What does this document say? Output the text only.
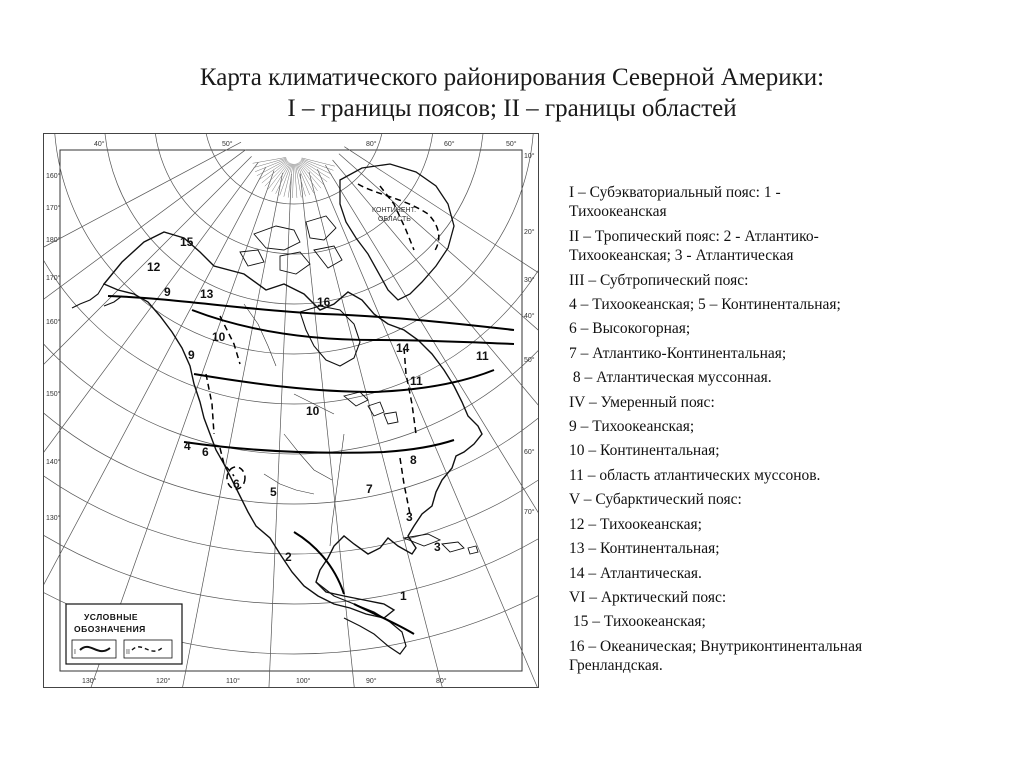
Карта климатического районирования Северной Америки:
I – границы поясов; II – границы областей
15
12
9 13
16
10
9	14
11
11
10
4 6
6
5	7
8
3
3
2
1
КОНТИНЕНТ.
ОБЛАСТЬ
40°	50°	80°	60°	50°
130°	120°	110°	100°	90°	80°
160°
170°
180°
170°
160°
150°
140°
130°
10°
20°
30°
40°
50°
60°
70°
УСЛОВНЫЕ
ОБОЗНАЧЕНИЯ
I	II
I – Субэкваториальный пояс: 1 -
Тихоокеанская
II – Тропический пояс: 2 - Атлантико-
Тихоокеанская; 3 - Атлантическая
III – Субтропический пояс:
4 – Тихоокеанская; 5 – Континентальная;
6 – Высокогорная;
7 – Атлантико-Континентальная;
8 – Атлантическая муссонная.
IV – Умеренный пояс:
9 – Тихоокеанская;
10 – Континентальная;
11 – область атлантических муссонов.
V – Субарктический пояс:
12 – Тихоокеанская;
13 – Континентальная;
14 – Атлантическая.
VI – Арктический пояс:
15 – Тихоокеанская;
16 – Океаническая; Внутриконтинентальная
Гренландская.
